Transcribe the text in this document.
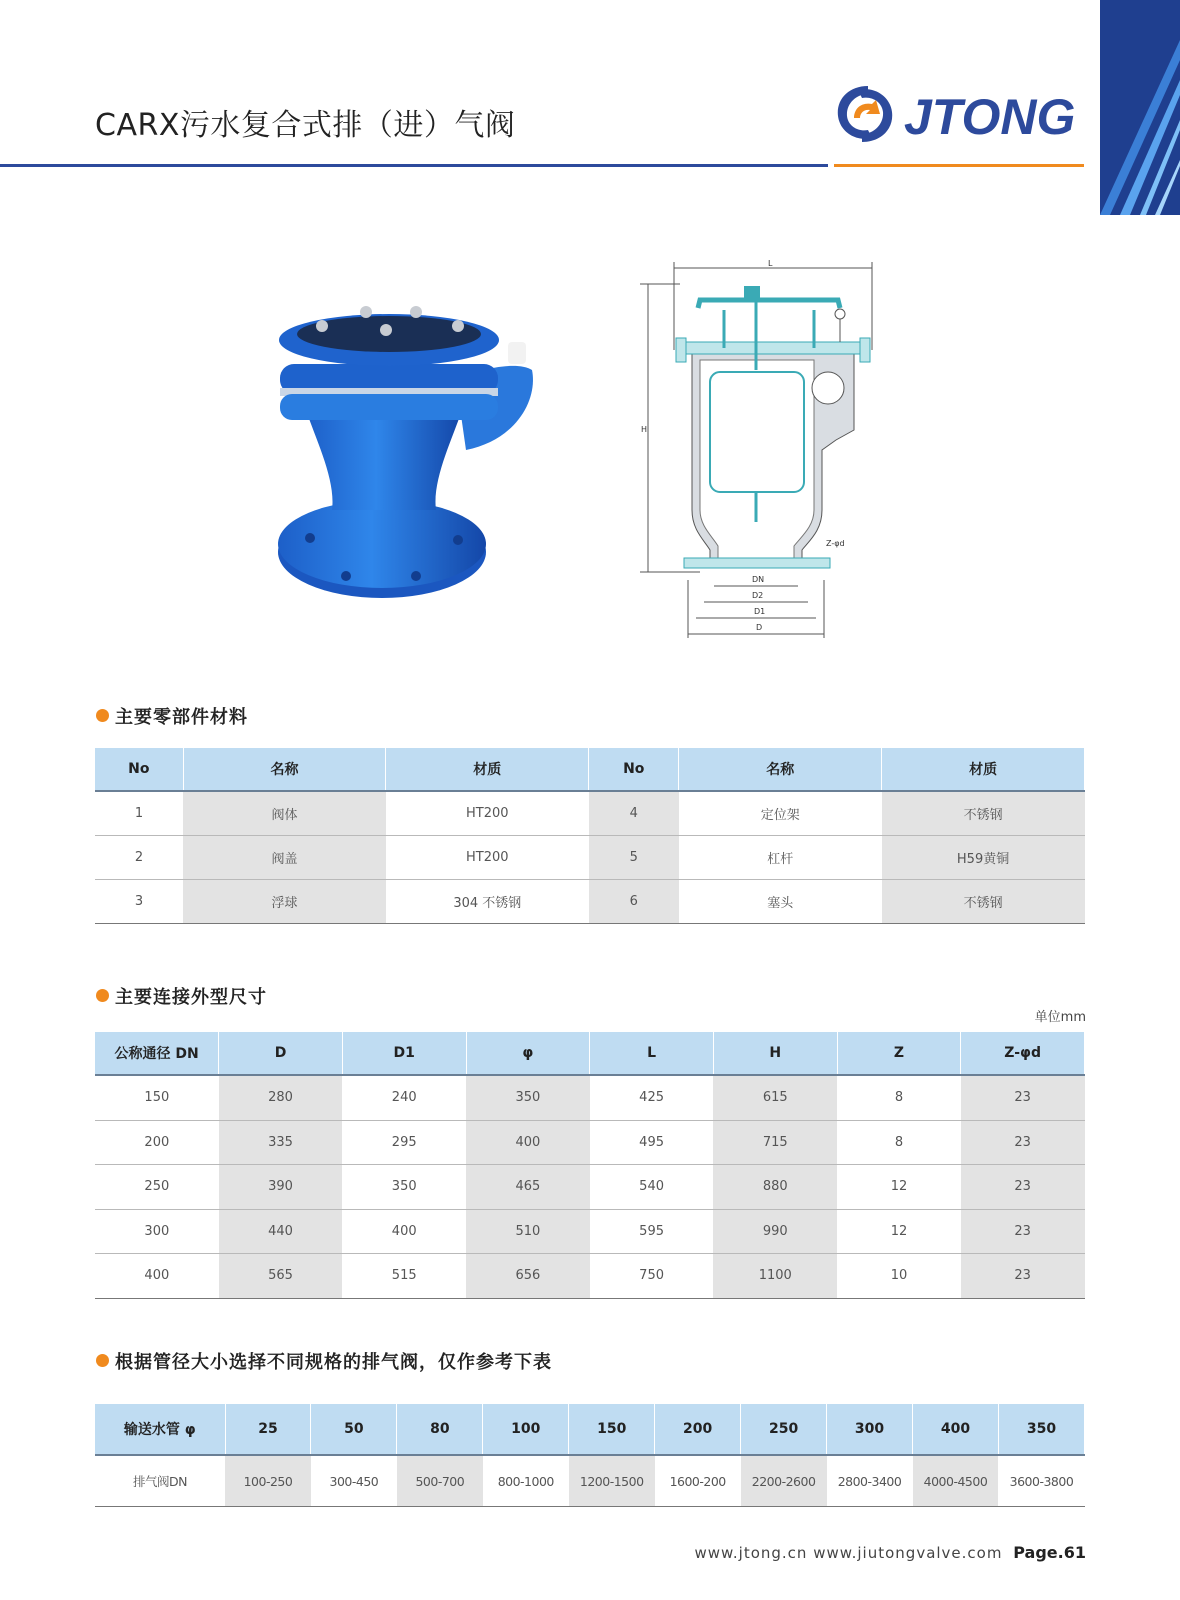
CARX污水复合式排（进）气阀	JTONG
L
H
Z-φd
DN
D2
D1
D
主要零部件材料
No	名称	材质	No	名称	材质
1	阀体	HT200	4	定位架	不锈钢
2	阀盖	HT200	5	杠杆	H59黄铜
3	浮球	304 不锈钢	6	塞头	不锈钢
主要连接外型尺寸
单位mm
公称通径 DN	D	D1	φ	L	H	Z	Z-φd
150	280	240	350	425	615	8	23
200	335	295	400	495	715	8	23
250	390	350	465	540	880	12	23
300	440	400	510	595	990	12	23
400	565	515	656	750	1100	10	23
根据管径大小选择不同规格的排气阀，仅作参考下表
输送水管 φ	25	50	80	100	150	200	250	300	400	350
排气阀DN	100-250	300-450	500-700	800-1000	1200-1500	1600-200	2200-2600	2800-3400	4000-4500	3600-3800
www.jtong.cn www.jiutongvalve.com Page.61
